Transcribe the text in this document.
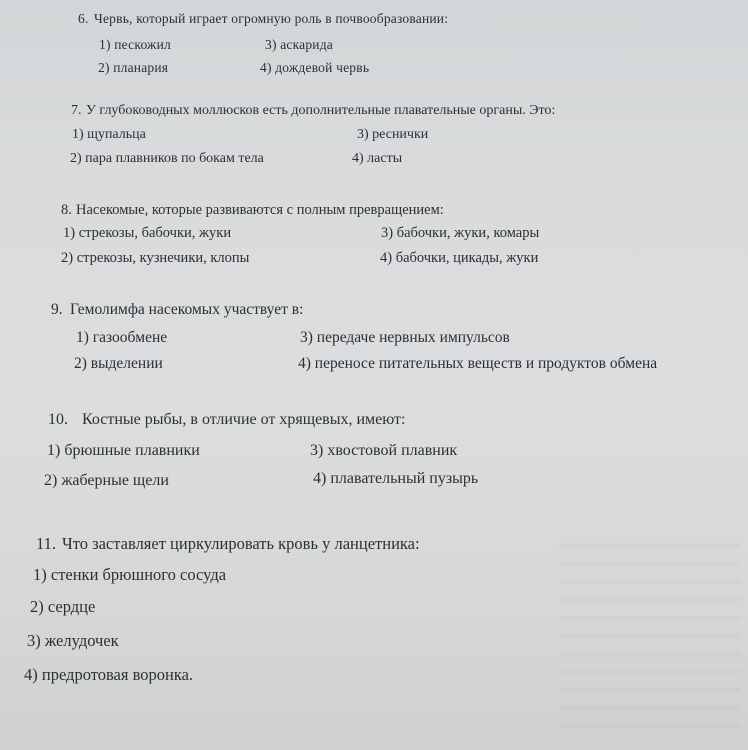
6. Червь, который играет огромную роль в почвообразовании:
1) пескожил	3) аскарида
2) планария	4) дождевой червь
7. У глубоководных моллюсков есть дополнительные плавательные органы. Это:
1) щупальца	3) реснички
2) пара плавников по бокам тела	4) ласты
8. Насекомые, которые развиваются с полным превращением:
1) стрекозы, бабочки, жуки	3) бабочки, жуки, комары
2) стрекозы, кузнечики, клопы	4) бабочки, цикады, жуки
9. Гемолимфа насекомых участвует в:
1) газообмене	3) передаче нервных импульсов
2) выделении	4) переносе питательных веществ и продуктов обмена
10. Костные рыбы, в отличие от хрящевых, имеют:
1) брюшные плавники	3) хвостовой плавник
2) жаберные щели	4) плавательный пузырь
11. Что заставляет циркулировать кровь у ланцетника:
1) стенки брюшного сосуда
2) сердце
3) желудочек
4) предротовая воронка.
